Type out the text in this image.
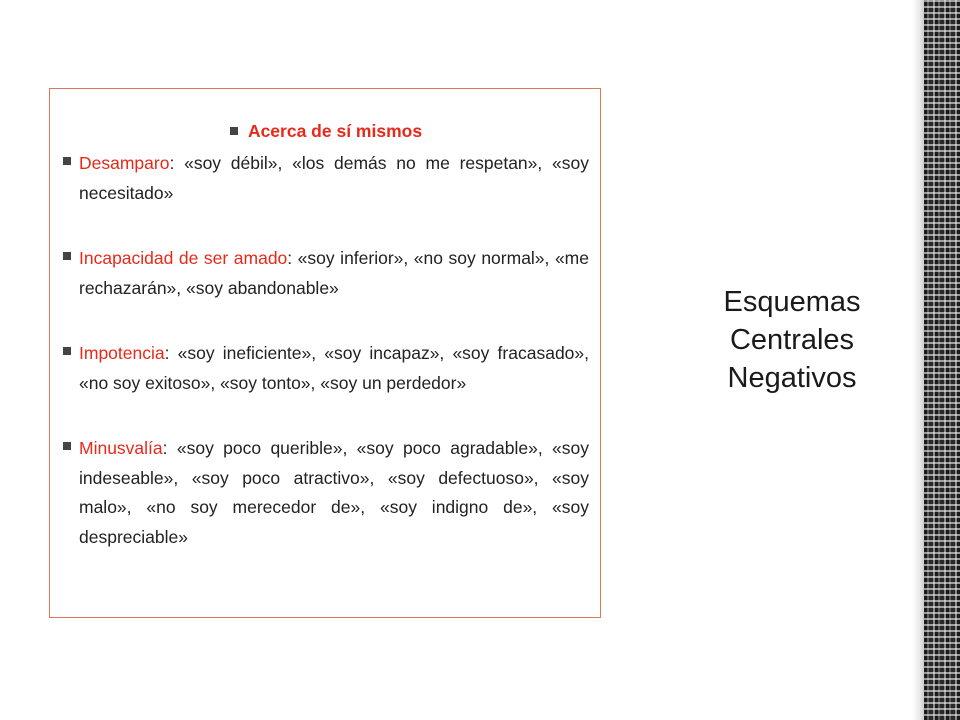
Acerca de sí mismos
Desamparo: «soy débil», «los demás no me respetan», «soy necesitado»
Incapacidad de ser amado: «soy inferior», «no soy normal», «me rechazarán», «soy abandonable»
Impotencia: «soy ineficiente», «soy incapaz», «soy fracasado», «no soy exitoso», «soy tonto», «soy un perdedor»
Minusvalía: «soy poco querible», «soy poco agradable», «soy indeseable», «soy poco atractivo», «soy defectuoso», «soy malo», «no soy merecedor de», «soy indigno de», «soy despreciable»
Esquemas
Centrales
Negativos
